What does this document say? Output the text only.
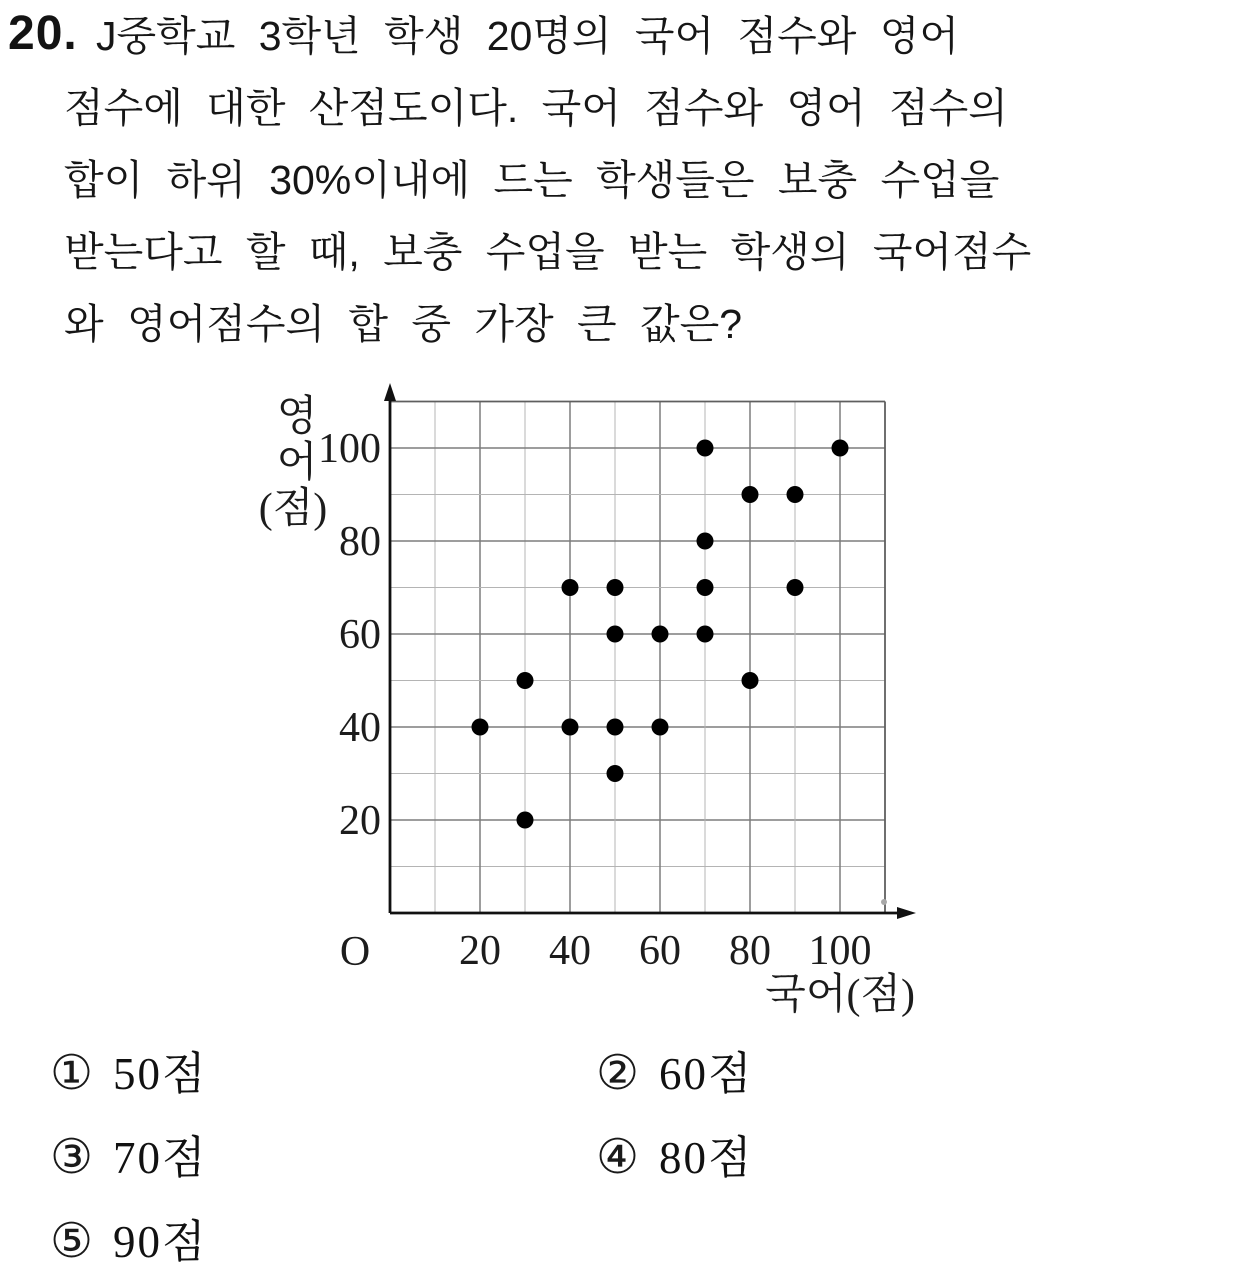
20. J중학교 3학년 학생 20명의 국어 점수와 영어
점수에 대한 산점도이다. 국어 점수와 영어 점수의
합이 하위 30%이내에 드는 학생들은 보충 수업을
받는다고 할 때, 보충 수업을 받는 학생의 국어점수
와 영어점수의 합 중 가장 큰 값은?
20 40 60 80 100
20
40
60
80
100
O
영
어
(점)
국어(점)
① 50점	② 60점
③ 70점	④ 80점
⑤ 90점
